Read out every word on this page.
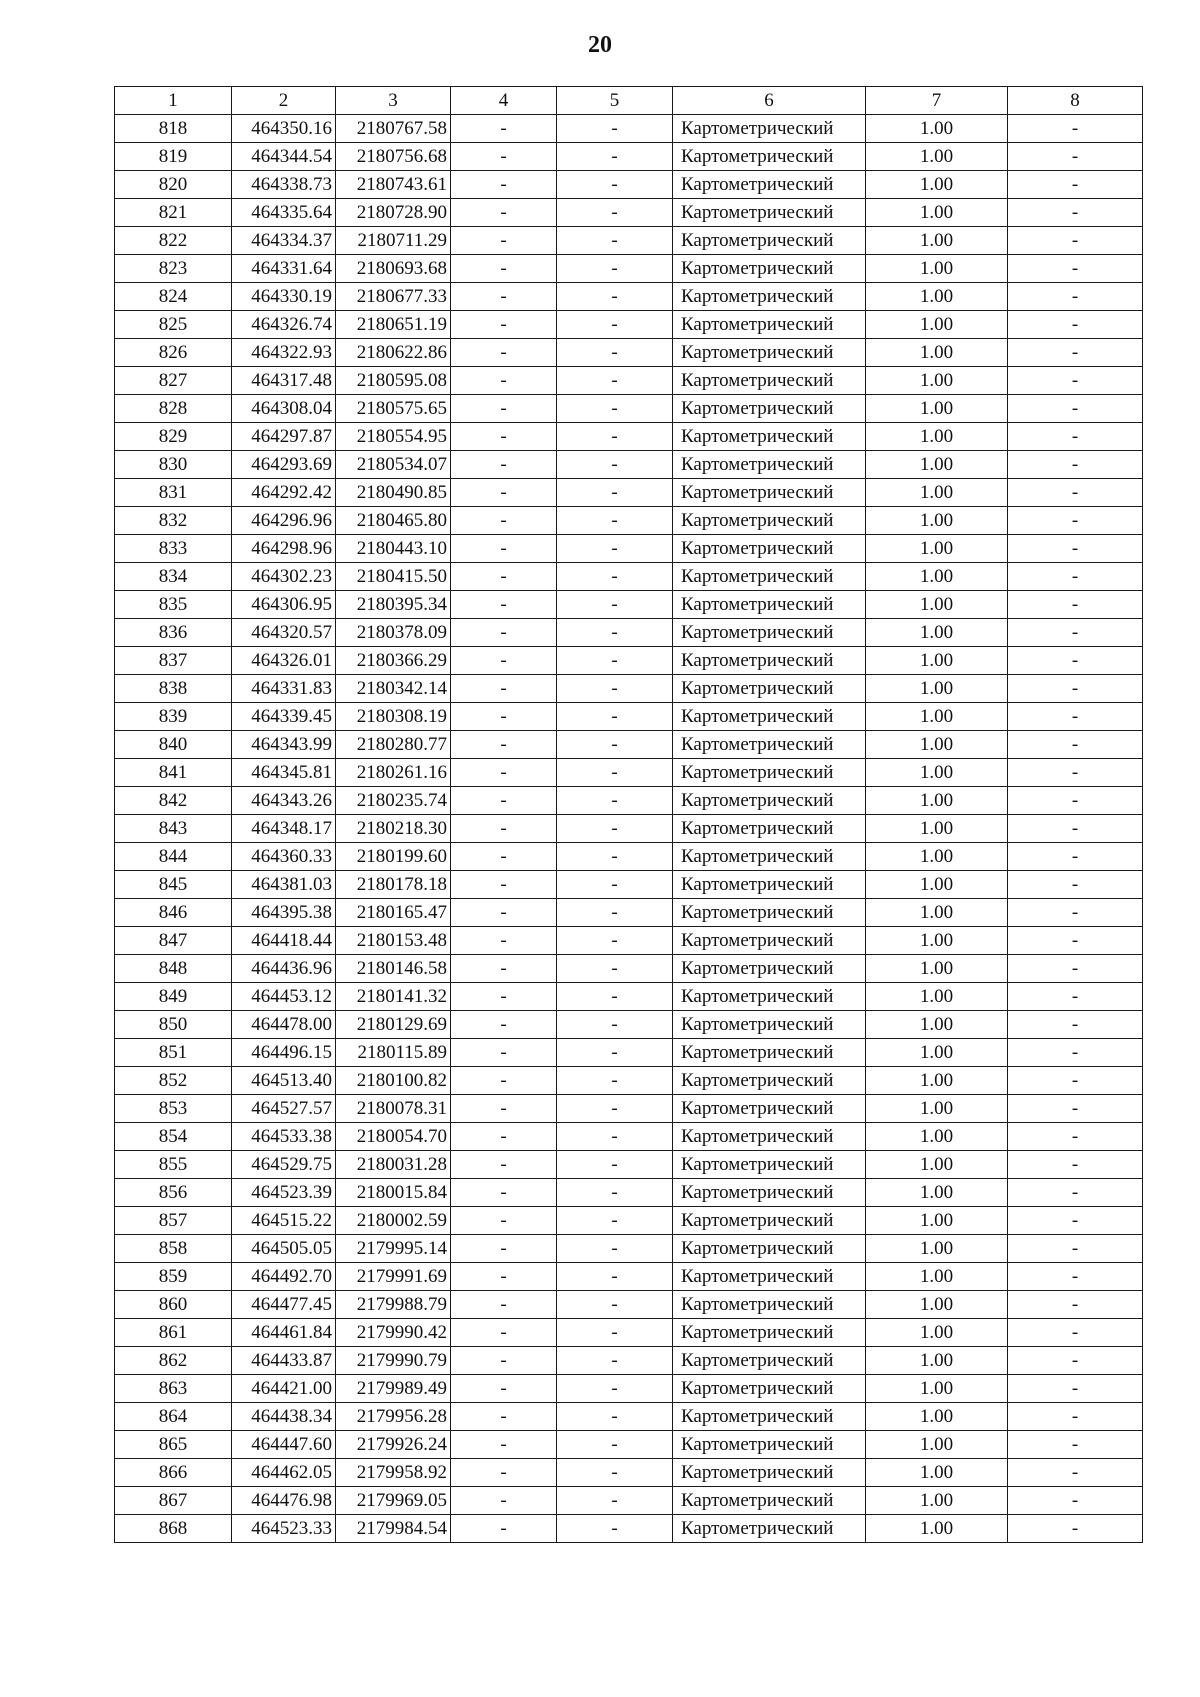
20
1	2	3	4	5	6	7	8
818	464350.16	2180767.58	-	-	Картометрический	1.00	-
819	464344.54	2180756.68	-	-	Картометрический	1.00	-
820	464338.73	2180743.61	-	-	Картометрический	1.00	-
821	464335.64	2180728.90	-	-	Картометрический	1.00	-
822	464334.37	2180711.29	-	-	Картометрический	1.00	-
823	464331.64	2180693.68	-	-	Картометрический	1.00	-
824	464330.19	2180677.33	-	-	Картометрический	1.00	-
825	464326.74	2180651.19	-	-	Картометрический	1.00	-
826	464322.93	2180622.86	-	-	Картометрический	1.00	-
827	464317.48	2180595.08	-	-	Картометрический	1.00	-
828	464308.04	2180575.65	-	-	Картометрический	1.00	-
829	464297.87	2180554.95	-	-	Картометрический	1.00	-
830	464293.69	2180534.07	-	-	Картометрический	1.00	-
831	464292.42	2180490.85	-	-	Картометрический	1.00	-
832	464296.96	2180465.80	-	-	Картометрический	1.00	-
833	464298.96	2180443.10	-	-	Картометрический	1.00	-
834	464302.23	2180415.50	-	-	Картометрический	1.00	-
835	464306.95	2180395.34	-	-	Картометрический	1.00	-
836	464320.57	2180378.09	-	-	Картометрический	1.00	-
837	464326.01	2180366.29	-	-	Картометрический	1.00	-
838	464331.83	2180342.14	-	-	Картометрический	1.00	-
839	464339.45	2180308.19	-	-	Картометрический	1.00	-
840	464343.99	2180280.77	-	-	Картометрический	1.00	-
841	464345.81	2180261.16	-	-	Картометрический	1.00	-
842	464343.26	2180235.74	-	-	Картометрический	1.00	-
843	464348.17	2180218.30	-	-	Картометрический	1.00	-
844	464360.33	2180199.60	-	-	Картометрический	1.00	-
845	464381.03	2180178.18	-	-	Картометрический	1.00	-
846	464395.38	2180165.47	-	-	Картометрический	1.00	-
847	464418.44	2180153.48	-	-	Картометрический	1.00	-
848	464436.96	2180146.58	-	-	Картометрический	1.00	-
849	464453.12	2180141.32	-	-	Картометрический	1.00	-
850	464478.00	2180129.69	-	-	Картометрический	1.00	-
851	464496.15	2180115.89	-	-	Картометрический	1.00	-
852	464513.40	2180100.82	-	-	Картометрический	1.00	-
853	464527.57	2180078.31	-	-	Картометрический	1.00	-
854	464533.38	2180054.70	-	-	Картометрический	1.00	-
855	464529.75	2180031.28	-	-	Картометрический	1.00	-
856	464523.39	2180015.84	-	-	Картометрический	1.00	-
857	464515.22	2180002.59	-	-	Картометрический	1.00	-
858	464505.05	2179995.14	-	-	Картометрический	1.00	-
859	464492.70	2179991.69	-	-	Картометрический	1.00	-
860	464477.45	2179988.79	-	-	Картометрический	1.00	-
861	464461.84	2179990.42	-	-	Картометрический	1.00	-
862	464433.87	2179990.79	-	-	Картометрический	1.00	-
863	464421.00	2179989.49	-	-	Картометрический	1.00	-
864	464438.34	2179956.28	-	-	Картометрический	1.00	-
865	464447.60	2179926.24	-	-	Картометрический	1.00	-
866	464462.05	2179958.92	-	-	Картометрический	1.00	-
867	464476.98	2179969.05	-	-	Картометрический	1.00	-
868	464523.33	2179984.54	-	-	Картометрический	1.00	-
